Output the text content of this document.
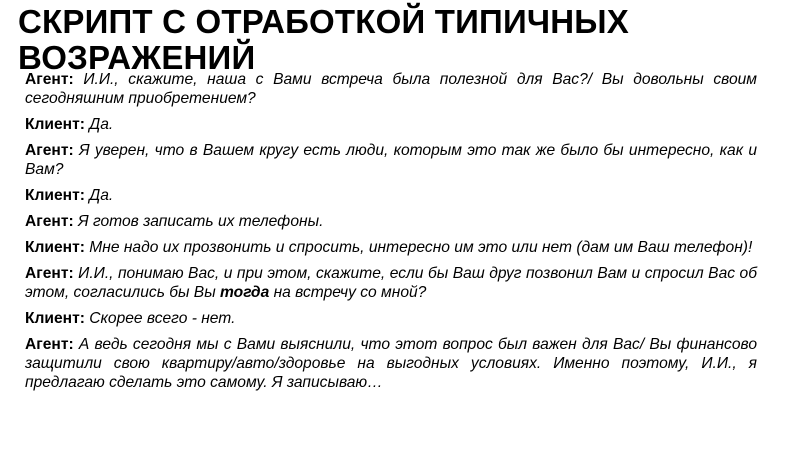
СКРИПТ С ОТРАБОТКОЙ ТИПИЧНЫХ
ВОЗРАЖЕНИЙ
Агент: И.И., скажите, наша с Вами встреча была полезной для Вас?/ Вы довольны своим сегодняшним приобретением?
Клиент: Да.
Агент: Я уверен, что в Вашем кругу есть люди, которым это так же было бы интересно, как и Вам?
Клиент: Да.
Агент: Я готов записать их телефоны.
Клиент: Мне надо их прозвонить и спросить, интересно им это или нет (дам им Ваш телефон)!
Агент: И.И., понимаю Вас, и при этом, скажите, если бы Ваш друг позвонил Вам и спросил Вас об этом, согласились бы Вы тогда на встречу со мной?
Клиент: Скорее всего - нет.
Агент: А ведь сегодня мы с Вами выяснили, что этот вопрос был важен для Вас/ Вы финансово защитили свою квартиру/авто/здоровье на выгодных условиях. Именно поэтому, И.И., я предлагаю сделать это самому. Я записываю…
